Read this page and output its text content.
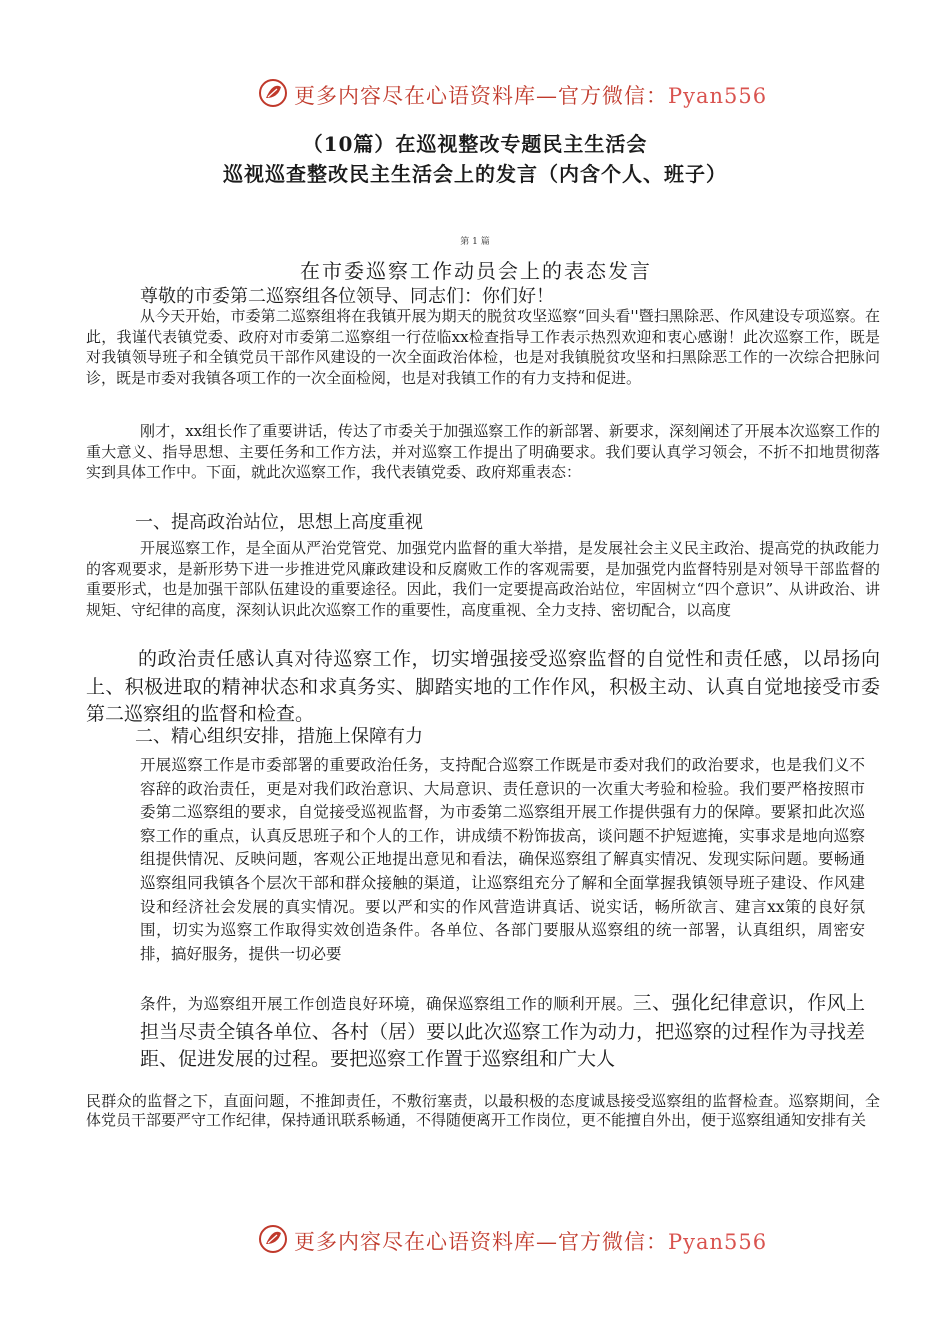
更多内容尽在心语资料库—官方微信：Pyan556
（10篇）在巡视整改专题民主生活会
巡视巡查整改民主生活会上的发言（内含个人、班子）
第 1 篇
在市委巡察工作动员会上的表态发言
尊敬的市委第二巡察组各位领导、同志们：你们好！

从今天开始，市委第二巡察组将在我镇开展为期天的脱贫攻坚巡察“回头看''暨扫黑除恶、作风建设专项巡察。在此，我谨代表镇党委、政府对市委第二巡察组一行莅临xx检查指导工作表示热烈欢迎和衷心感谢！此次巡察工作，既是对我镇领导班子和全镇党员干部作风建设的一次全面政治体检，也是对我镇脱贫攻坚和扫黑除恶工作的一次综合把脉问诊，既是市委对我镇各项工作的一次全面检阅，也是对我镇工作的有力支持和促进。

刚才，xx组长作了重要讲话，传达了市委关于加强巡察工作的新部署、新要求，深刻阐述了开展本次巡察工作的重大意义、指导思想、主要任务和工作方法，并对巡察工作提出了明确要求。我们要认真学习领会，不折不扣地贯彻落实到具体工作中。下面，就此次巡察工作，我代表镇党委、政府郑重表态：

一、提高政治站位，思想上高度重视

开展巡察工作，是全面从严治党管党、加强党内监督的重大举措，是发展社会主义民主政治、提高党的执政能力的客观要求，是新形势下进一步推进党风廉政建设和反腐败工作的客观需要，是加强党内监督特别是对领导干部监督的重要形式，也是加强干部队伍建设的重要途径。因此，我们一定要提高政治站位，牢固树立“四个意识”、从讲政治、讲规矩、守纪律的高度，深刻认识此次巡察工作的重要性，高度重视、全力支持、密切配合，以高度

的政治责任感认真对待巡察工作，切实增强接受巡察监督的自觉性和责任感，以昂扬向上、积极进取的精神状态和求真务实、脚踏实地的工作作风，积极主动、认真自觉地接受市委第二巡察组的监督和检查。

二、精心组织安排，措施上保障有力

开展巡察工作是市委部署的重要政治任务，支持配合巡察工作既是市委对我们的政治要求，也是我们义不容辞的政治责任，更是对我们政治意识、大局意识、责任意识的一次重大考验和检验。我们要严格按照市委第二巡察组的要求，自觉接受巡视监督，为市委第二巡察组开展工作提供强有力的保障。要紧扣此次巡察工作的重点，认真反思班子和个人的工作，讲成绩不粉饰拔高，谈问题不护短遮掩，实事求是地向巡察组提供情况、反映问题，客观公正地提出意见和看法，确保巡察组了解真实情况、发现实际问题。要畅通巡察组同我镇各个层次干部和群众接触的渠道，让巡察组充分了解和全面掌握我镇领导班子建设、作风建设和经济社会发展的真实情况。要以严和实的作风营造讲真话、说实话，畅所欲言、建言xx策的良好氛围，切实为巡察工作取得实效创造条件。各单位、各部门要服从巡察组的统一部署，认真组织，周密安排，搞好服务，提供一切必要

条件，为巡察组开展工作创造良好环境，确保巡察组工作的顺利开展。三、强化纪律意识，作风上担当尽责全镇各单位、各村（居）要以此次巡察工作为动力，把巡察的过程作为寻找差距、促进发展的过程。要把巡察工作置于巡察组和广大人

民群众的监督之下，直面问题，不推卸责任，不敷衍塞责，以最积极的态度诚恳接受巡察组的监督检查。巡察期间，全体党员干部要严守工作纪律，保持通讯联系畅通，不得随便离开工作岗位，更不能擅自外出，便于巡察组通知安排有关

更多内容尽在心语资料库—官方微信：Pyan556
